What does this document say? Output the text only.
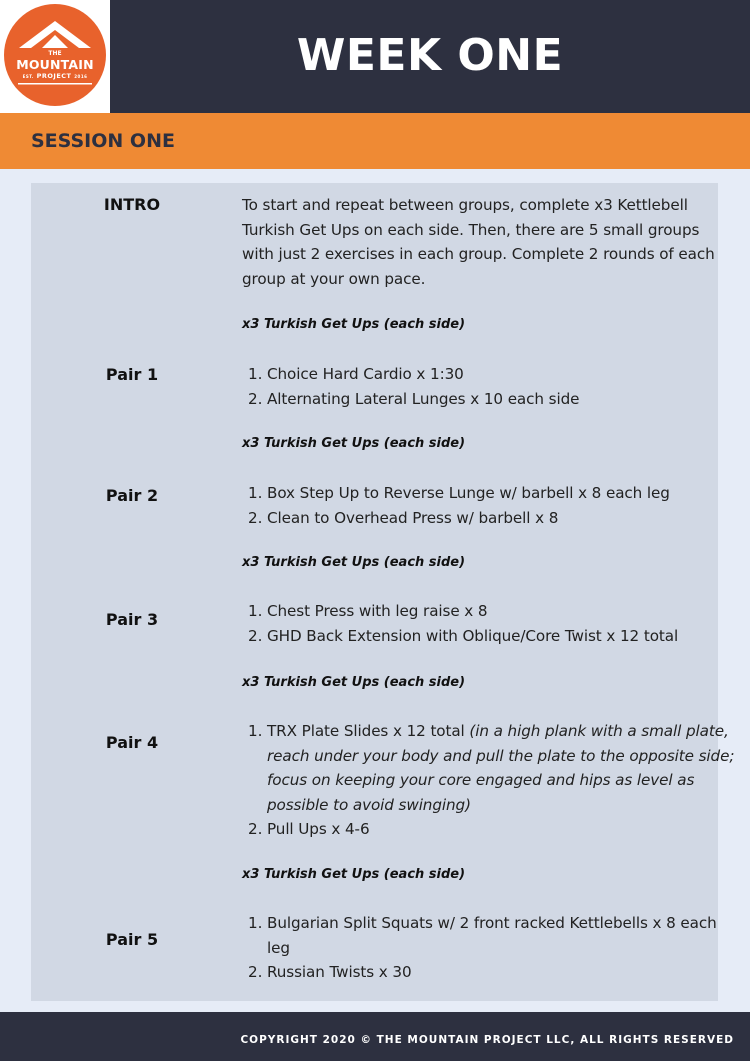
THE
MOUNTAIN
EST. PROJECT 2016	WEEK ONE
SESSION ONE
INTRO	To start and repeat between groups, complete x3 Kettlebell Turkish Get Ups on each side. Then, there are 5 small groups with just 2 exercises in each group. Complete 2 rounds of each group at your own pace.
x3 Turkish Get Ups (each side)
Pair 1	1. Choice Hard Cardio x 1:30
2. Alternating Lateral Lunges x 10 each side
x3 Turkish Get Ups (each side)
Pair 2	1. Box Step Up to Reverse Lunge w/ barbell x 8 each leg
2. Clean to Overhead Press w/ barbell x 8
x3 Turkish Get Ups (each side)
Pair 3	1. Chest Press with leg raise x 8
2. GHD Back Extension with Oblique/Core Twist x 12 total
x3 Turkish Get Ups (each side)
Pair 4
1. TRX Plate Slides x 12 total (in a high plank with a small plate, reach under your body and pull the plate to the opposite side; focus on keeping your core engaged and hips as level as possible to avoid swinging)
2. Pull Ups x 4-6
x3 Turkish Get Ups (each side)
Pair 5
1. Bulgarian Split Squats w/ 2 front racked Kettlebells x 8 each leg
2. Russian Twists x 30
COPYRIGHT 2020 © THE MOUNTAIN PROJECT LLC, ALL RIGHTS RESERVED
